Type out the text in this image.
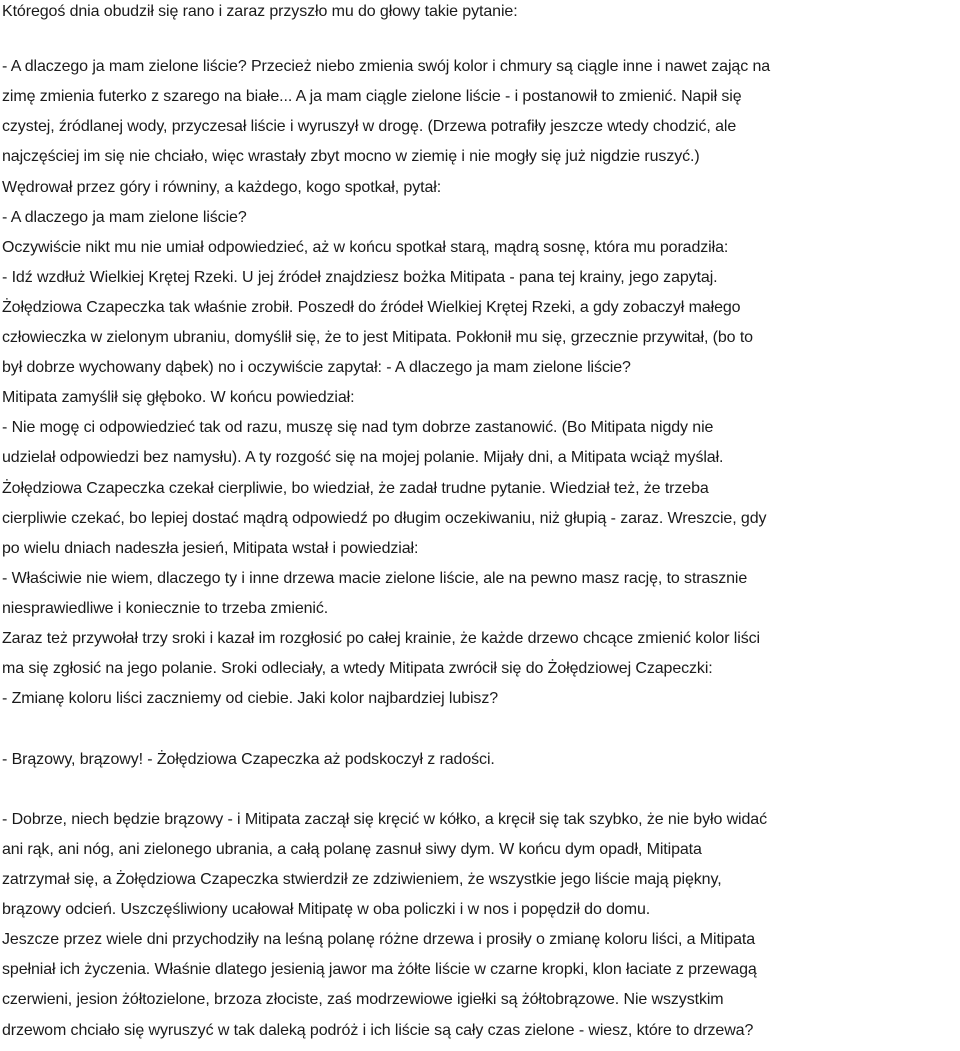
Któregoś dnia obudził się rano i zaraz przyszło mu do głowy takie pytanie:
- A dlaczego ja mam zielone liście? Przecież niebo zmienia swój kolor i chmury są ciągle inne i nawet zając na
zimę zmienia futerko z szarego na białe... A ja mam ciągle zielone liście - i postanowił to zmienić. Napił się
czystej, źródlanej wody, przyczesał liście i wyruszył w drogę. (Drzewa potrafiły jeszcze wtedy chodzić, ale
najczęściej im się nie chciało, więc wrastały zbyt mocno w ziemię i nie mogły się już nigdzie ruszyć.)
Wędrował przez góry i równiny, a każdego, kogo spotkał, pytał:
- A dlaczego ja mam zielone liście?
Oczywiście nikt mu nie umiał odpowiedzieć, aż w końcu spotkał starą, mądrą sosnę, która mu poradziła:
- Idź wzdłuż Wielkiej Krętej Rzeki. U jej źródeł znajdziesz bożka Mitipata - pana tej krainy, jego zapytaj.
Żołędziowa Czapeczka tak właśnie zrobił. Poszedł do źródeł Wielkiej Krętej Rzeki, a gdy zobaczył małego
człowieczka w zielonym ubraniu, domyślił się, że to jest Mitipata. Pokłonił mu się, grzecznie przywitał, (bo to
był dobrze wychowany dąbek) no i oczywiście zapytał: - A dlaczego ja mam zielone liście?
Mitipata zamyślił się głęboko. W końcu powiedział:
- Nie mogę ci odpowiedzieć tak od razu, muszę się nad tym dobrze zastanowić. (Bo Mitipata nigdy nie
udzielał odpowiedzi bez namysłu). A ty rozgość się na mojej polanie. Mijały dni, a Mitipata wciąż myślał.
Żołędziowa Czapeczka czekał cierpliwie, bo wiedział, że zadał trudne pytanie. Wiedział też, że trzeba
cierpliwie czekać, bo lepiej dostać mądrą odpowiedź po długim oczekiwaniu, niż głupią - zaraz. Wreszcie, gdy
po wielu dniach nadeszła jesień, Mitipata wstał i powiedział:
- Właściwie nie wiem, dlaczego ty i inne drzewa macie zielone liście, ale na pewno masz rację, to strasznie
niesprawiedliwe i koniecznie to trzeba zmienić.
Zaraz też przywołał trzy sroki i kazał im rozgłosić po całej krainie, że każde drzewo chcące zmienić kolor liści
ma się zgłosić na jego polanie. Sroki odleciały, a wtedy Mitipata zwrócił się do Żołędziowej Czapeczki:
- Zmianę koloru liści zaczniemy od ciebie. Jaki kolor najbardziej lubisz?
- Brązowy, brązowy! - Żołędziowa Czapeczka aż podskoczył z radości.
- Dobrze, niech będzie brązowy - i Mitipata zaczął się kręcić w kółko, a kręcił się tak szybko, że nie było widać
ani rąk, ani nóg, ani zielonego ubrania, a całą polanę zasnuł siwy dym. W końcu dym opadł, Mitipata
zatrzymał się, a Żołędziowa Czapeczka stwierdził ze zdziwieniem, że wszystkie jego liście mają piękny,
brązowy odcień. Uszczęśliwiony ucałował Mitipatę w oba policzki i w nos i popędził do domu.
Jeszcze przez wiele dni przychodziły na leśną polanę różne drzewa i prosiły o zmianę koloru liści, a Mitipata
spełniał ich życzenia. Właśnie dlatego jesienią jawor ma żółte liście w czarne kropki, klon łaciate z przewagą
czerwieni, jesion żółtozielone, brzoza złociste, zaś modrzewiowe igiełki są żółtobrązowe. Nie wszystkim
drzewom chciało się wyruszyć w tak daleką podróż i ich liście są cały czas zielone - wiesz, które to drzewa?
